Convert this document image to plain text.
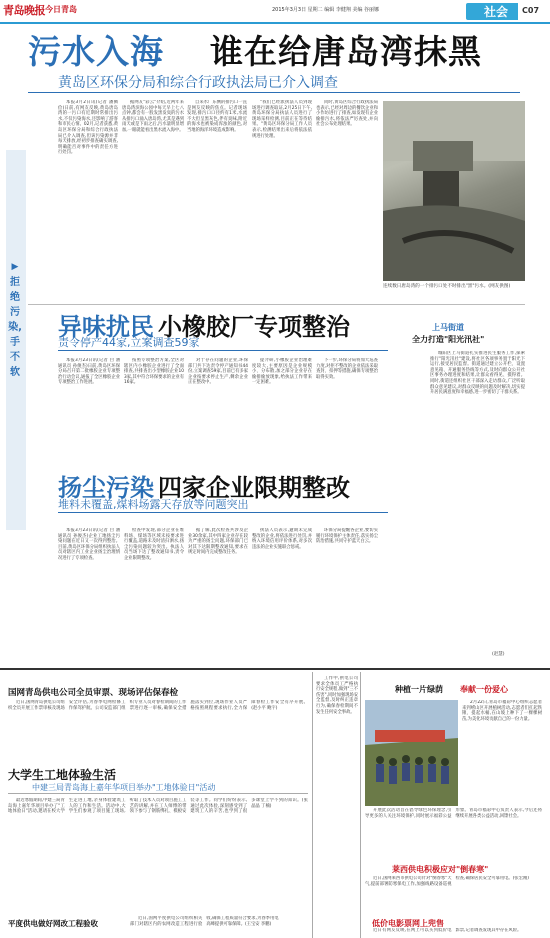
青岛晚报 今日青岛	2015年3月3日 星期二 编辑 李健翔 美编 谷丽娜	社会 C07
污水入海 谁在给唐岛湾抹黑
黄岛区环保分局和综合行政执法局已介入调查
▶
拒绝污染,手不软

本报3月2日讯(记者 潘腾 俭)日前,有网友反映,黄岛唐岛湾的一污口有近期时常排出污水,不仅污染海水,还影响了游客和市民心情。02月,记者获悉,黄岛区环保分局和综合行政执法局已介入调查,但该污染源并非每天排放,经初步排查确实调查,明确能否对事件中的责任方进行处罚。

据网友"彩云"介绍,近两年来唐岛湾滨海公园中每天早上七八点钟,都会有一股发黑发臭的污水从排污口涌入唐岛湾,尤其是遇到雨天或是下雨之后,污水量明显增加,一眼就能看出黑水流入海中。

自来水厂东侧的排污口一直是网友反映的焦点。记者现场发现,排污口口径约有1米,水流不大但呈黑灰色,伴有臭味,附近的海水也被染成浑浊的颜色,对当地的海洋环境造成影响。

"我们已经派执法人员到现场进行调查取证,2月25日下午,黄岛环保分局执法人员进行了现场采样检测,目前正在等待结果。"黄岛区环保分局工作人员表示,检测结果出来后将依法依规进行处理。

同时,黄岛区综合行政执法局也表示,已经对周边的餐饮企业和小作坊进行了排查,如发现有企业偷排污水,将依法严厉查处,并向社会公布处理结果。

连续数日唐岛湾的一个排污口处不时排出"黑"污水。(网友供图)
异味扰民 小橡胶厂专项整治
责令停产44家,立案调查59家

本报3月23日讯(记者 白 涵 通讯员 孙俊杰)日前,黄岛区环保分局召开第二批橡胶企业专项整治行动会议,通报了全区橡胶企业专项整治工作进展。

按照专项整治方案,全区对辖区内小橡胶企业进行了全面排查,共排查出小型橡胶企业103家,其中符合环保要求的企业有16家。

对于存在问题的企业,环保部门共下达责令停产通知书44份,立案调查59家,目前已有多家企业按要求停止生产,剩余企业正在整改中。

提介研,小橡胶企业治理难度较大,主要原因是企业规模小、分布散,加之部分企业存在偷排偷放现象,给执法工作带来一定困难。

下一步,环保分局将加大巡查力度,对拒不整改的企业依法采取查封、扣押等措施,确保专项整治取得实效。

扬尘污染 四家企业限期整改
堆料未覆盖,煤料场露天存放等问题突出

本报3月23日讯(记者 白 涵 通讯员 孙俊杰)企业工地扬尘污染问题在近日又一次得到整治。目前,黄岛区环保分局组织执法人员对辖区内工业企业扬尘治理情况进行了专项检查。

检查中发现,部分企业在堆料场、煤场等区域未按要求进行覆盖,道路未及时清扫洒水,扬尘污染问题较为突出。执法人员当场下达了整改通知书,责令企业限期整改。

据了解,此次检查共涉及企业30余家,其中四家企业存在较为严重的扬尘问题,环保部门已对其下达限期整改通知,要求在规定时间内完成整改任务。

执法人员表示,逾期未完成整改的企业,将依法进行处罚,并纳入环境信用评价体系,对多次违法的企业实施联合惩戒。

环保分局提醒各企业,要切实履行环境保护主体责任,落实扬尘防治措施,共同守护蓝天白云。

上马街道
全力打造"阳光汛社"

城阳区上马街道扎实推进民生服务工作,探索推行"阳光汛社"建设,将社区各项事务置于阳光下运行,接受居民监督。街道通过建立公开栏、设置意见箱、开通服务热线等方式,及时向群众公开社区事务办理进度和结果,让群众看得见、摸得着。同时,街道还组织社区干部深入走访群众,广泛听取群众意见建议,对群众反映的问题及时解决,切实提升居民满意度和幸福感,进一步密切了干群关系。

(赵慧)
国网青岛供电公司全员审票、现场评估保春检

近日,国网青岛供电公司组织全员开展工作票审核及现场安全评估,为春季电网检修工作保驾护航。公司安监部门组织专业人员对春检期间的工作票进行逐一审核,确保安全措施落实到位,现场作业人员严格按照规程要求执行,全力保障春检工作安全有序开展。(赵小平 鲍宇)

大学生工地体验生活
中建三局青岛海上嘉年华项目举办"工地体验日"活动

最近寒假期间,中建三局青岛海上嘉年华项目举办了"工地体验日"活动,邀请在校大学生走进工地,亲身体验建筑工人的工作和生活。活动中,大学生们参观了项目施工现场,听取了技术人员对项目施工工艺的讲解,并在工人师傅的带领下参与了钢筋绑扎、模板安装等工作。同学们纷纷表示,通过此次体验,深刻感受到了建筑工人的辛苦,也学到了很多课堂上学不到的知识。(张晶晶 丁楠)

平度供电做好网改工程验收

近日,国网平度供电公司组织相关部门对辖区内的农网改造工程进行验收,确保工程质量符合要求,为春季用电高峰提供可靠保障。(王宝安 李鹏)

工作中,供电公司要求全体员工严格执行安全规程,做到"三不伤害",同时加强现场安全监督,及时纠正违章行为,确保春检期间不发生任何安全事故。

种植一片绿荫 奉献一份爱心

2月22日,青岛市福彩中心组织志愿者来到崂山区开展植树活动,志愿者们扛起铁锹、提起水桶,在山坡上种下了一棵棵树苗,为美化环境贡献自己的一份力量。

开展此次活动旨在倡导绿色环保理念,引导更多的人关注环境保护,同时展示福彩公益形象。青岛市福彩中心负责人表示,今后还将继续开展各类公益活动,回馈社会。

莱西供电积极应对"倒春寒"

近日,国网莱西市供电公司针对"倒春寒"天气,提前部署防寒保电工作,加强线路设备巡视检查,确保居民安全可靠用电。(张宏刚)

低价电影票网上兜售

近日有网友反映,在网上可以买到低价电影票,记者调查发现其中存在风险。
